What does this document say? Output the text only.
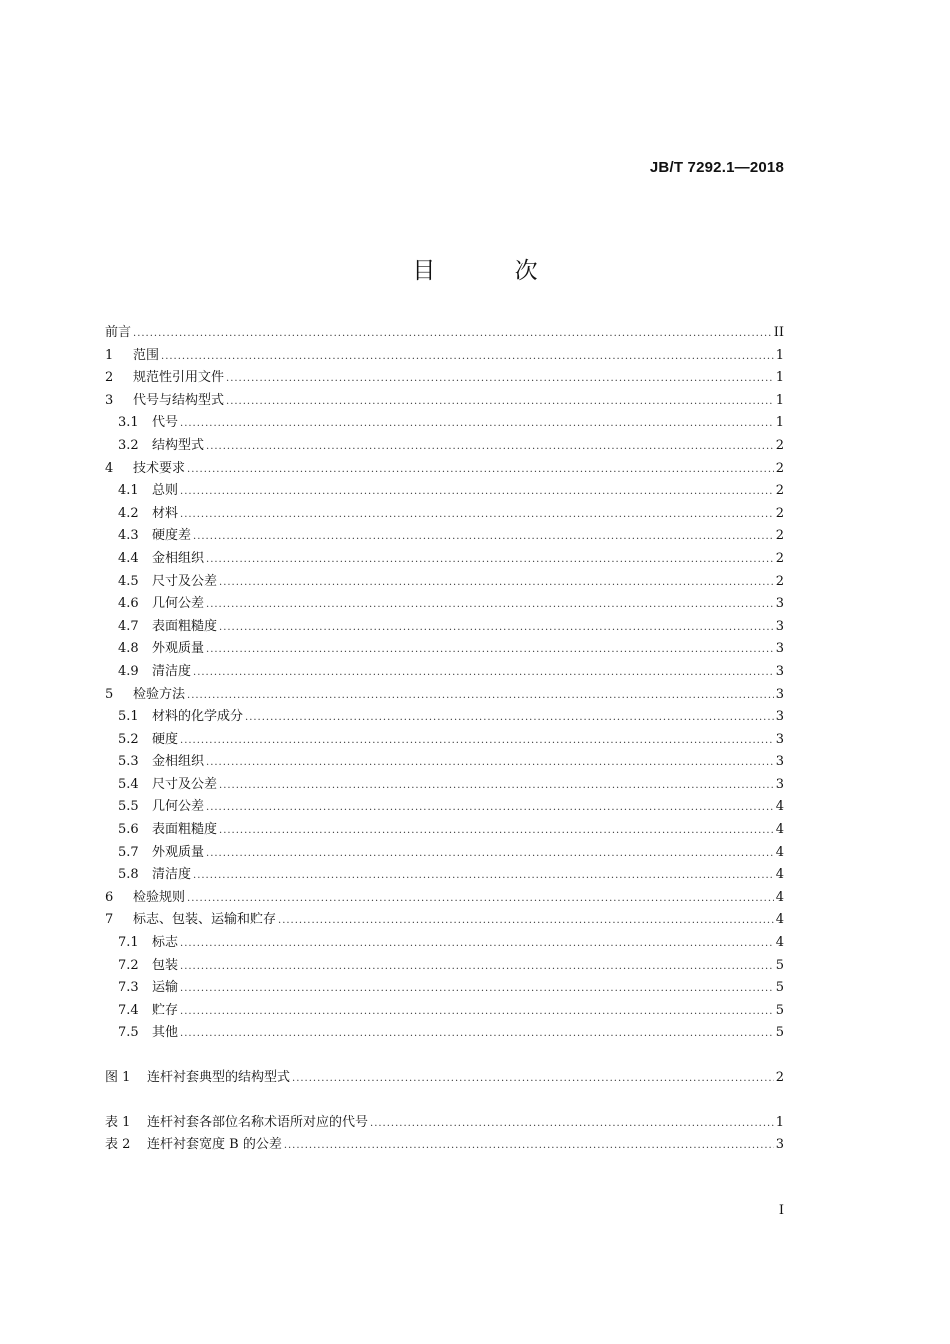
JB/T 7292.1—2018
目 次
前言 .....	II
1	范围 .....	1
2	规范性引用文件 .....	1
3	代号与结构型式 .....	1
3.1	代号 .....	1
3.2	结构型式 .....	2
4	技术要求 .....	2
4.1	总则 .....	2
4.2	材料 .....	2
4.3	硬度差 .....	2
4.4	金相组织 .....	2
4.5	尺寸及公差 .....	2
4.6	几何公差 .....	3
4.7	表面粗糙度 .....	3
4.8	外观质量 .....	3
4.9	清洁度 .....	3
5	检验方法 .....	3
5.1	材料的化学成分 .....	3
5.2	硬度 .....	3
5.3	金相组织 .....	3
5.4	尺寸及公差 .....	3
5.5	几何公差 .....	4
5.6	表面粗糙度 .....	4
5.7	外观质量 .....	4
5.8	清洁度 .....	4
6	检验规则 .....	4
7	标志、包装、运输和贮存 .....	4
7.1	标志 .....	4
7.2	包装 .....	5
7.3	运输 .....	5
7.4	贮存 .....	5
7.5	其他 .....	5
图 1	连杆衬套典型的结构型式 .....	2
表 1	连杆衬套各部位名称术语所对应的代号 .....	1
表 2	连杆衬套宽度 B 的公差 .....	3
I
